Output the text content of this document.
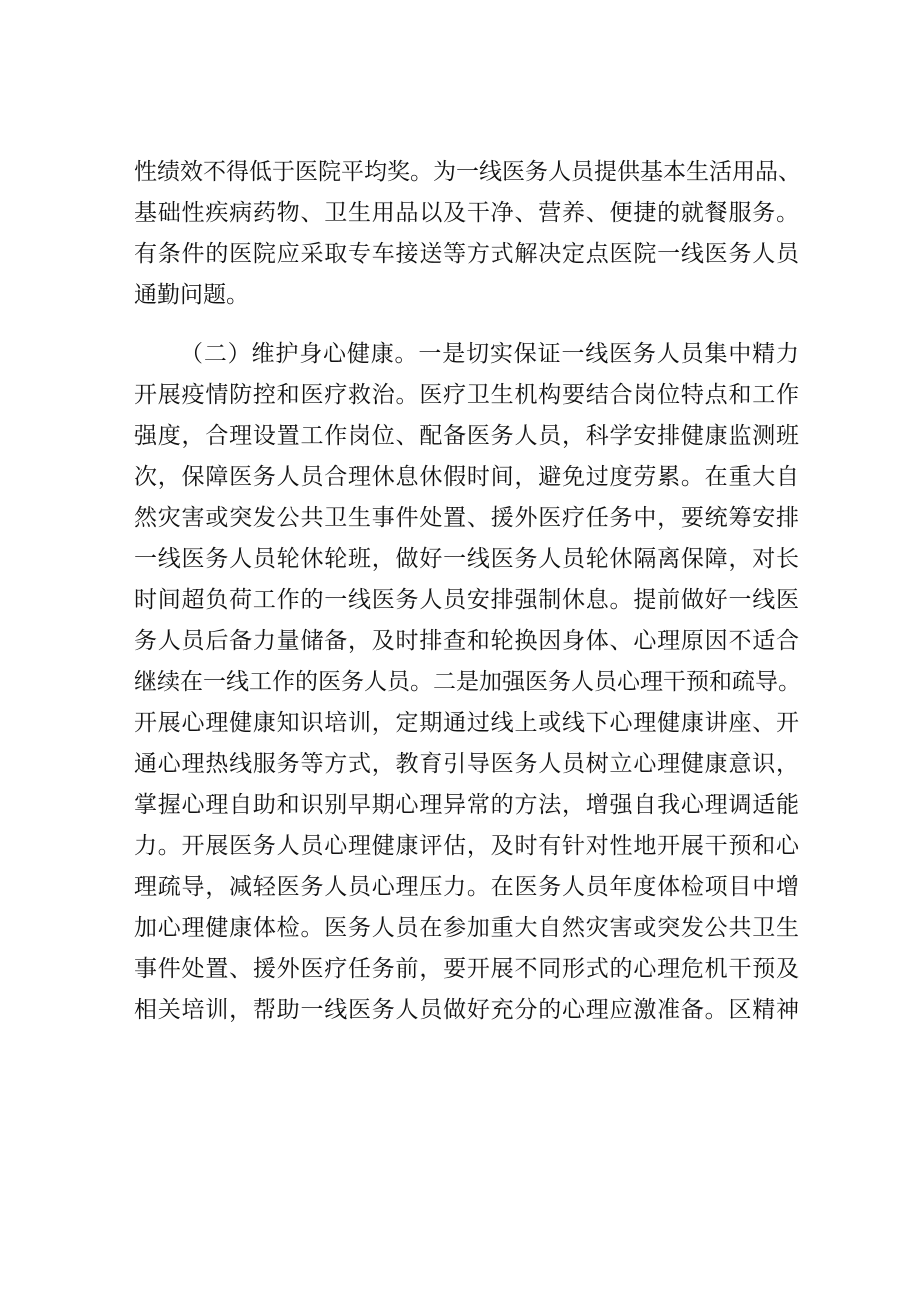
性绩效不得低于医院平均奖。为一线医务人员提供基本生活用品、
基础性疾病药物、卫生用品以及干净、营养、便捷的就餐服务。
有条件的医院应采取专车接送等方式解决定点医院一线医务人员
通勤问题。
（二）维护身心健康。一是切实保证一线医务人员集中精力
开展疫情防控和医疗救治。医疗卫生机构要结合岗位特点和工作
强度，合理设置工作岗位、配备医务人员，科学安排健康监测班
次，保障医务人员合理休息休假时间，避免过度劳累。在重大自
然灾害或突发公共卫生事件处置、援外医疗任务中，要统筹安排
一线医务人员轮休轮班，做好一线医务人员轮休隔离保障，对长
时间超负荷工作的一线医务人员安排强制休息。提前做好一线医
务人员后备力量储备，及时排查和轮换因身体、心理原因不适合
继续在一线工作的医务人员。二是加强医务人员心理干预和疏导。
开展心理健康知识培训，定期通过线上或线下心理健康讲座、开
通心理热线服务等方式，教育引导医务人员树立心理健康意识，
掌握心理自助和识别早期心理异常的方法，增强自我心理调适能
力。开展医务人员心理健康评估，及时有针对性地开展干预和心
理疏导，减轻医务人员心理压力。在医务人员年度体检项目中增
加心理健康体检。医务人员在参加重大自然灾害或突发公共卫生
事件处置、援外医疗任务前，要开展不同形式的心理危机干预及
相关培训，帮助一线医务人员做好充分的心理应激准备。区精神
